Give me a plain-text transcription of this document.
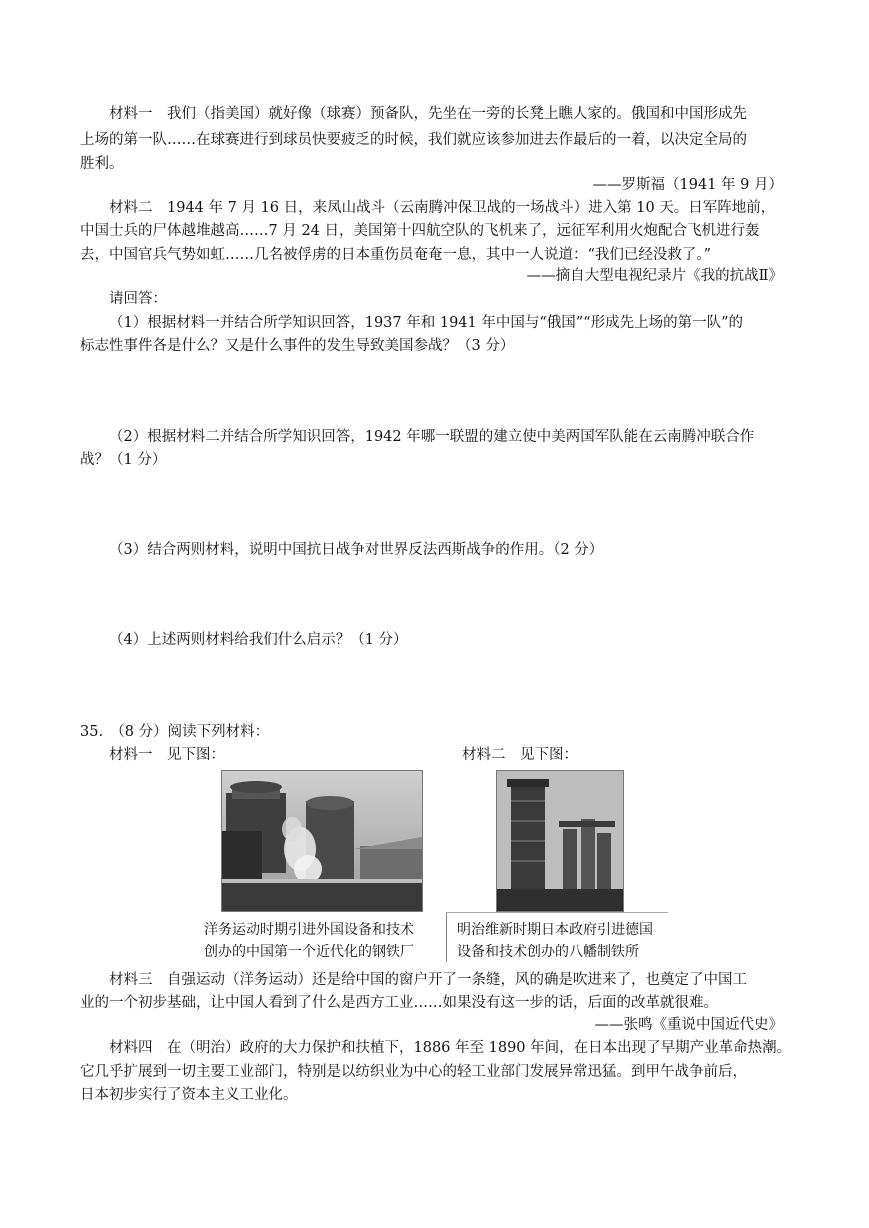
材料一　我们（指美国）就好像（球赛）预备队，先坐在一旁的长凳上瞧人家的。俄国和中国形成先
上场的第一队……在球赛进行到球员快要疲乏的时候，我们就应该参加进去作最后的一着，以决定全局的
胜利。
——罗斯福（1941 年 9 月）
材料二　1944 年 7 月 16 日，来凤山战斗（云南腾冲保卫战的一场战斗）进入第 10 天。日军阵地前，
中国士兵的尸体越堆越高……7 月 24 日，美国第十四航空队的飞机来了，远征军利用火炮配合飞机进行轰
去，中国官兵气势如虹……几名被俘虏的日本重伤员奄奄一息，其中一人说道：“我们已经没救了。”
——摘自大型电视纪录片《我的抗战Ⅱ》
请回答：
（1）根据材料一并结合所学知识回答，1937 年和 1941 年中国与“俄国”“形成先上场的第一队”的
标志性事件各是什么？又是什么事件的发生导致美国参战？（3 分）
（2）根据材料二并结合所学知识回答，1942 年哪一联盟的建立使中美两国军队能在云南腾冲联合作
战？（1 分）
（3）结合两则材料，说明中国抗日战争对世界反法西斯战争的作用。（2 分）
（4）上述两则材料给我们什么启示？（1 分）
35.　（8 分）阅读下列材料：
材料一　见下图：	材料二　见下图：
洋务运动时期引进外国设备和技术
创办的中国第一个近代化的钢铁厂
明治维新时期日本政府引进德国
设备和技术创办的八幡制铁所
材料三　自强运动（洋务运动）还是给中国的窗户开了一条缝，风的确是吹进来了，也奠定了中国工
业的一个初步基础，让中国人看到了什么是西方工业……如果没有这一步的话，后面的改革就很难。
——张鸣《重说中国近代史》
材料四　在（明治）政府的大力保护和扶植下，1886 年至 1890 年间，在日本出现了早期产业革命热潮。
它几乎扩展到一切主要工业部门，特别是以纺织业为中心的轻工业部门发展异常迅猛。到甲午战争前后，
日本初步实行了资本主义工业化。
